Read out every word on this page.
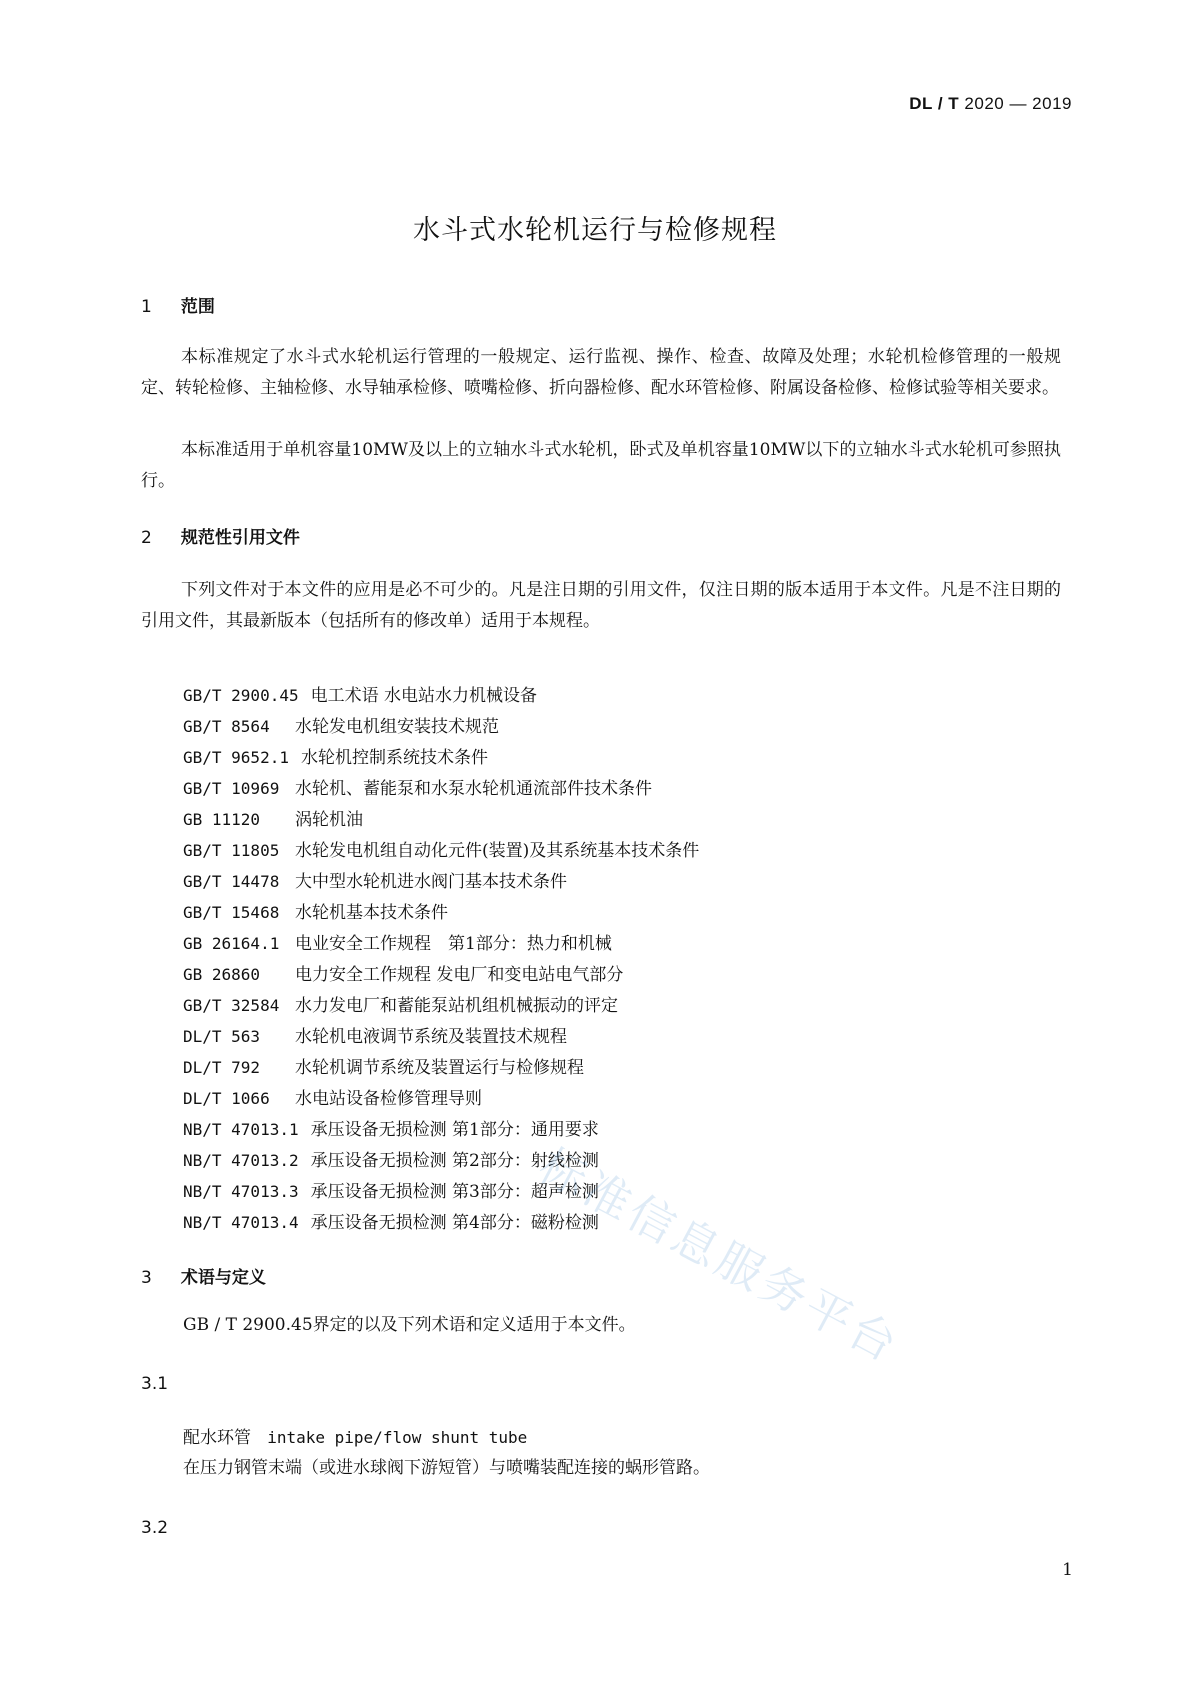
DL / T 2020 — 2019
水斗式水轮机运行与检修规程
1 范围

本标准规定了水斗式水轮机运行管理的一般规定、运行监视、操作、检查、故障及处理；水轮机检修管理的一般规定、转轮检修、主轴检修、水导轴承检修、喷嘴检修、折向器检修、配水环管检修、附属设备检修、检修试验等相关要求。

本标准适用于单机容量10MW及以上的立轴水斗式水轮机，卧式及单机容量10MW以下的立轴水斗式水轮机可参照执行。

2 规范性引用文件

下列文件对于本文件的应用是必不可少的。凡是注日期的引用文件，仅注日期的版本适用于本文件。凡是不注日期的引用文件，其最新版本（包括所有的修改单）适用于本规程。

GB/T 2900.45 电工术语 水电站水力机械设备
GB/T 8564 水轮发电机组安装技术规范
GB/T 9652.1 水轮机控制系统技术条件
GB/T 10969 水轮机、蓄能泵和水泵水轮机通流部件技术条件
GB 11120 涡轮机油
GB/T 11805 水轮发电机组自动化元件(装置)及其系统基本技术条件
GB/T 14478 大中型水轮机进水阀门基本技术条件
GB/T 15468 水轮机基本技术条件
GB 26164.1 电业安全工作规程　第1部分：热力和机械
GB 26860 电力安全工作规程 发电厂和变电站电气部分
GB/T 32584 水力发电厂和蓄能泵站机组机械振动的评定
DL/T 563 水轮机电液调节系统及装置技术规程
DL/T 792 水轮机调节系统及装置运行与检修规程
DL/T 1066 水电站设备检修管理导则
NB/T 47013.1 承压设备无损检测 第1部分：通用要求
NB/T 47013.2 承压设备无损检测 第2部分：射线检测
NB/T 47013.3 承压设备无损检测 第3部分：超声检测
NB/T 47013.4 承压设备无损检测 第4部分：磁粉检测
3 术语与定义

GB / T 2900.45界定的以及下列术语和定义适用于本文件。

3.1

配水环管 intake pipe/flow shunt tube

在压力钢管末端（或进水球阀下游短管）与喷嘴装配连接的蜗形管路。

3.2

1
标准信息服务平台
